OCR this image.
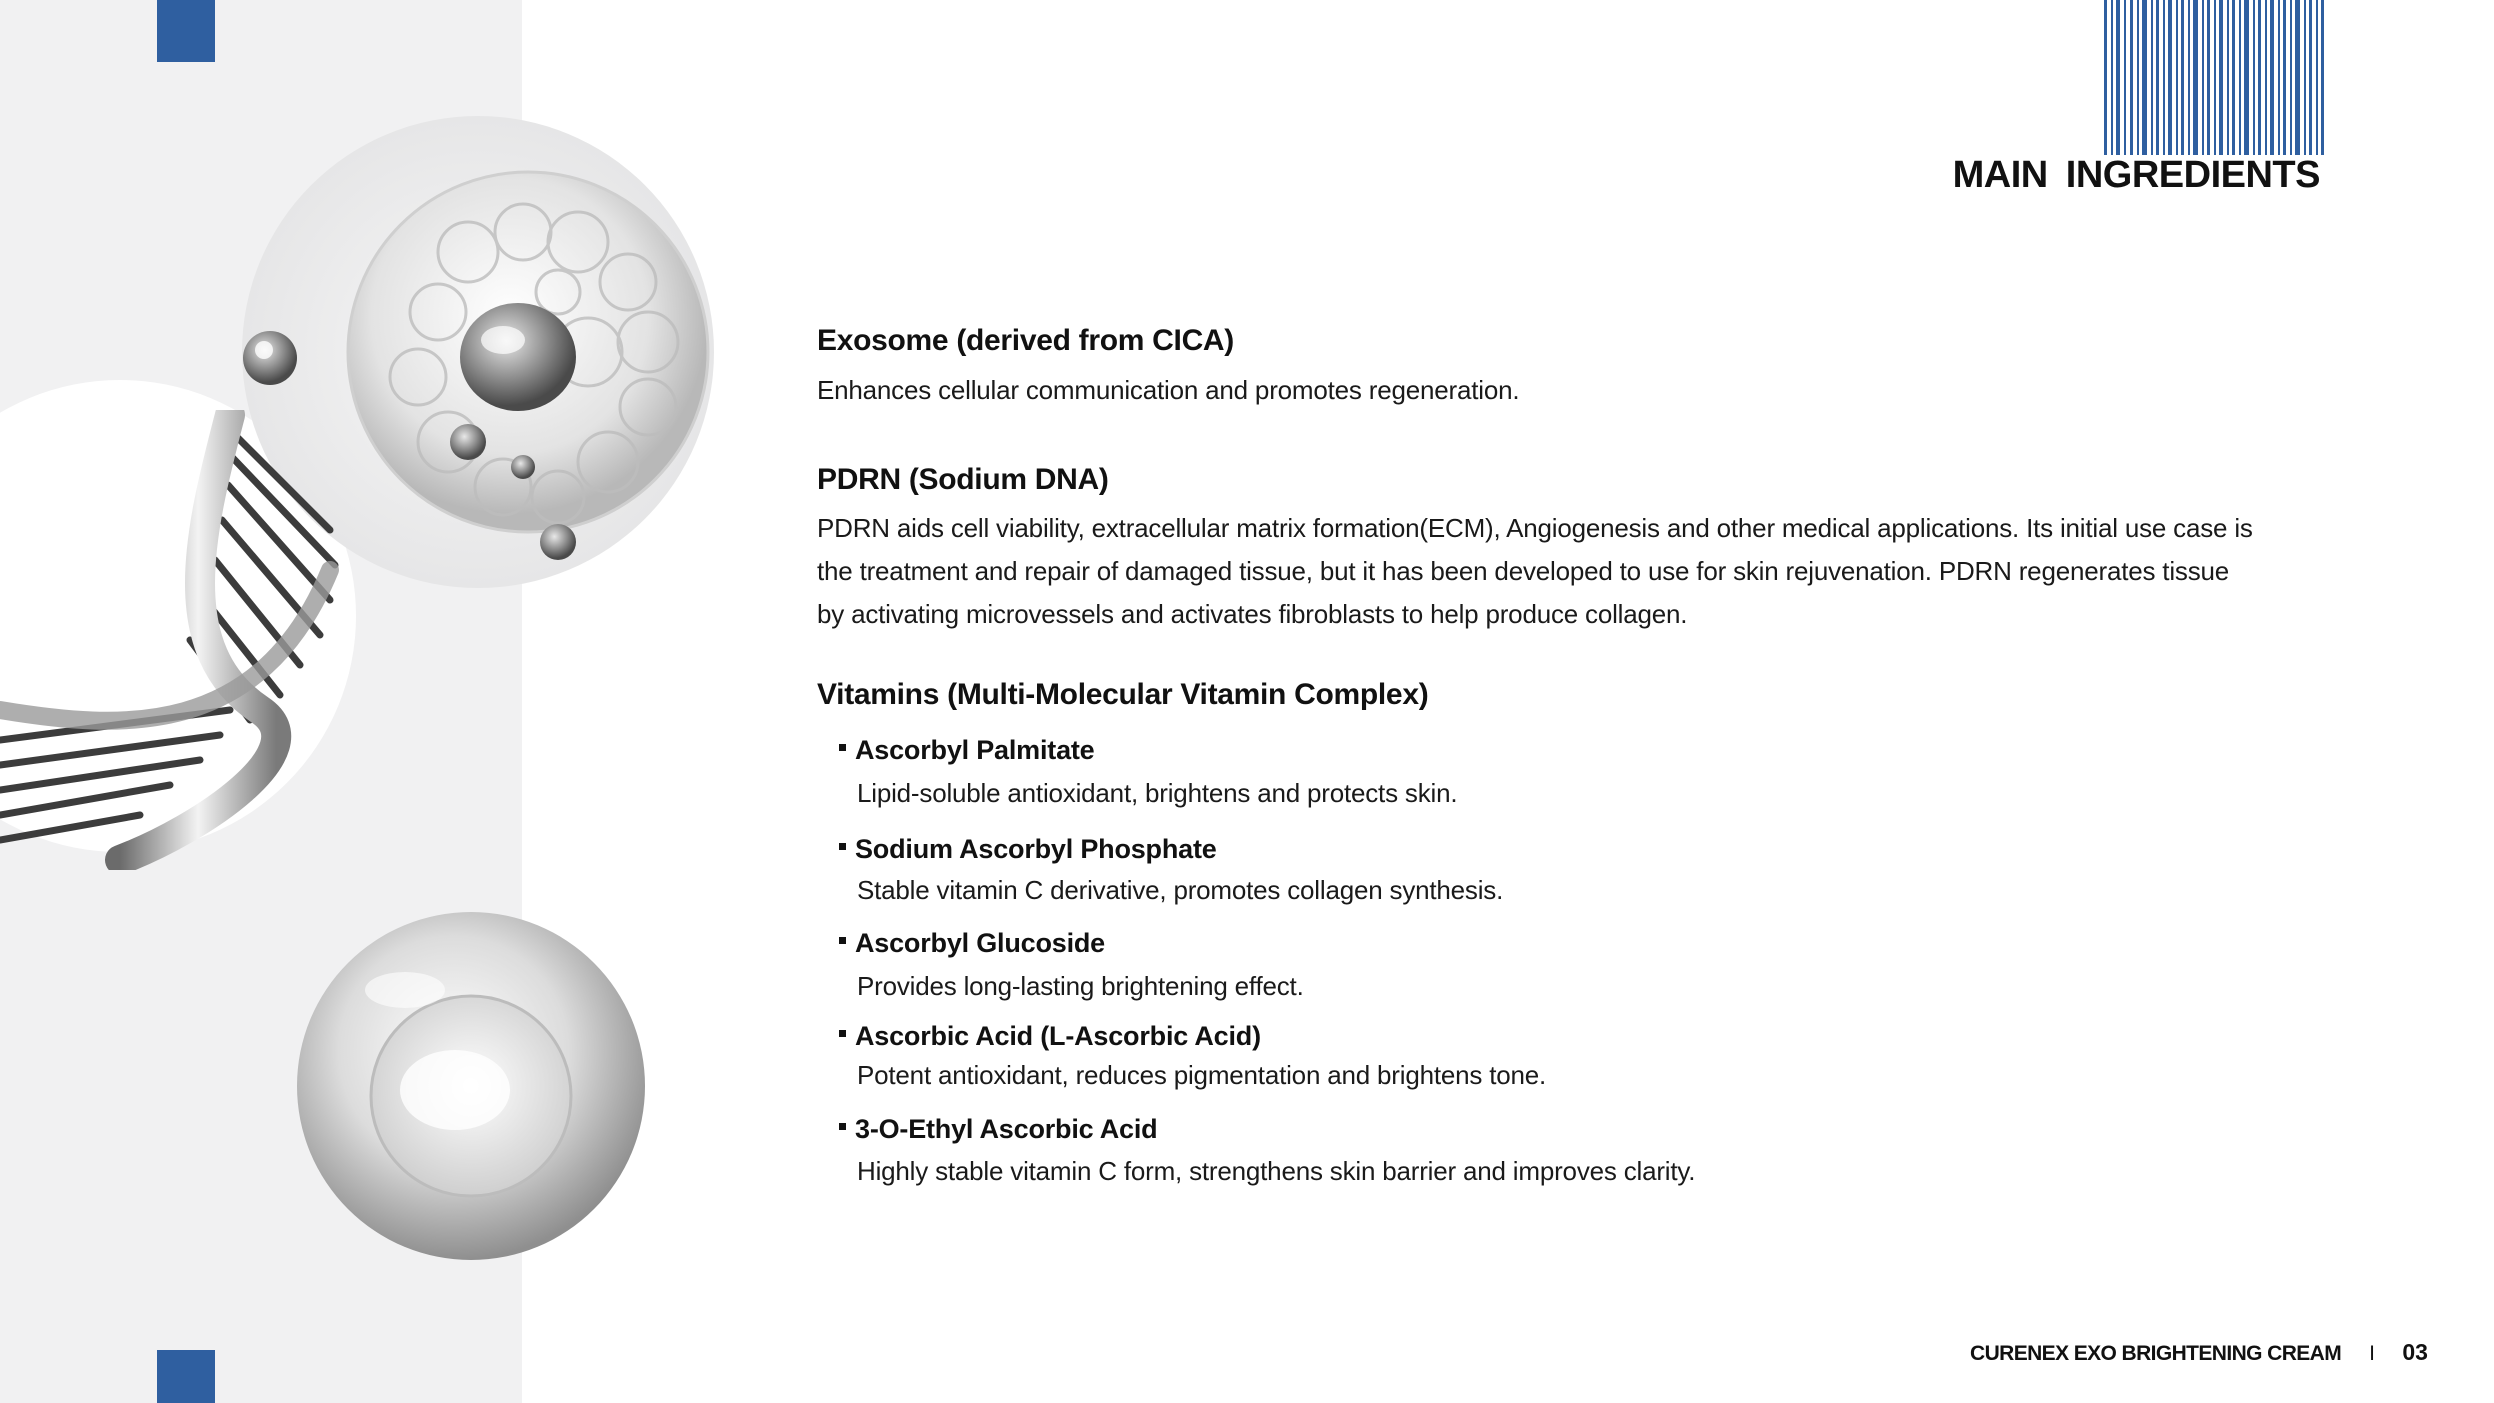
MAIN INGREDIENTS
Exosome (derived from CICA)
Enhances cellular communication and promotes regeneration.
PDRN (Sodium DNA)
PDRN aids cell viability, extracellular matrix formation(ECM), Angiogenesis and other medical applications. Its initial use case is
the treatment and repair of damaged tissue, but it has been developed to use for skin rejuvenation. PDRN regenerates tissue
by activating microvessels and activates fibroblasts to help produce collagen.
Vitamins (Multi-Molecular Vitamin Complex)
Ascorbyl Palmitate
Lipid-soluble antioxidant, brightens and protects skin.
Sodium Ascorbyl Phosphate
Stable vitamin C derivative, promotes collagen synthesis.
Ascorbyl Glucoside
Provides long-lasting brightening effect.
Ascorbic Acid (L-Ascorbic Acid)
Potent antioxidant, reduces pigmentation and brightens tone.
3-O-Ethyl Ascorbic Acid
Highly stable vitamin C form, strengthens skin barrier and improves clarity.
CURENEX EXO BRIGHTENING CREAM I 03
